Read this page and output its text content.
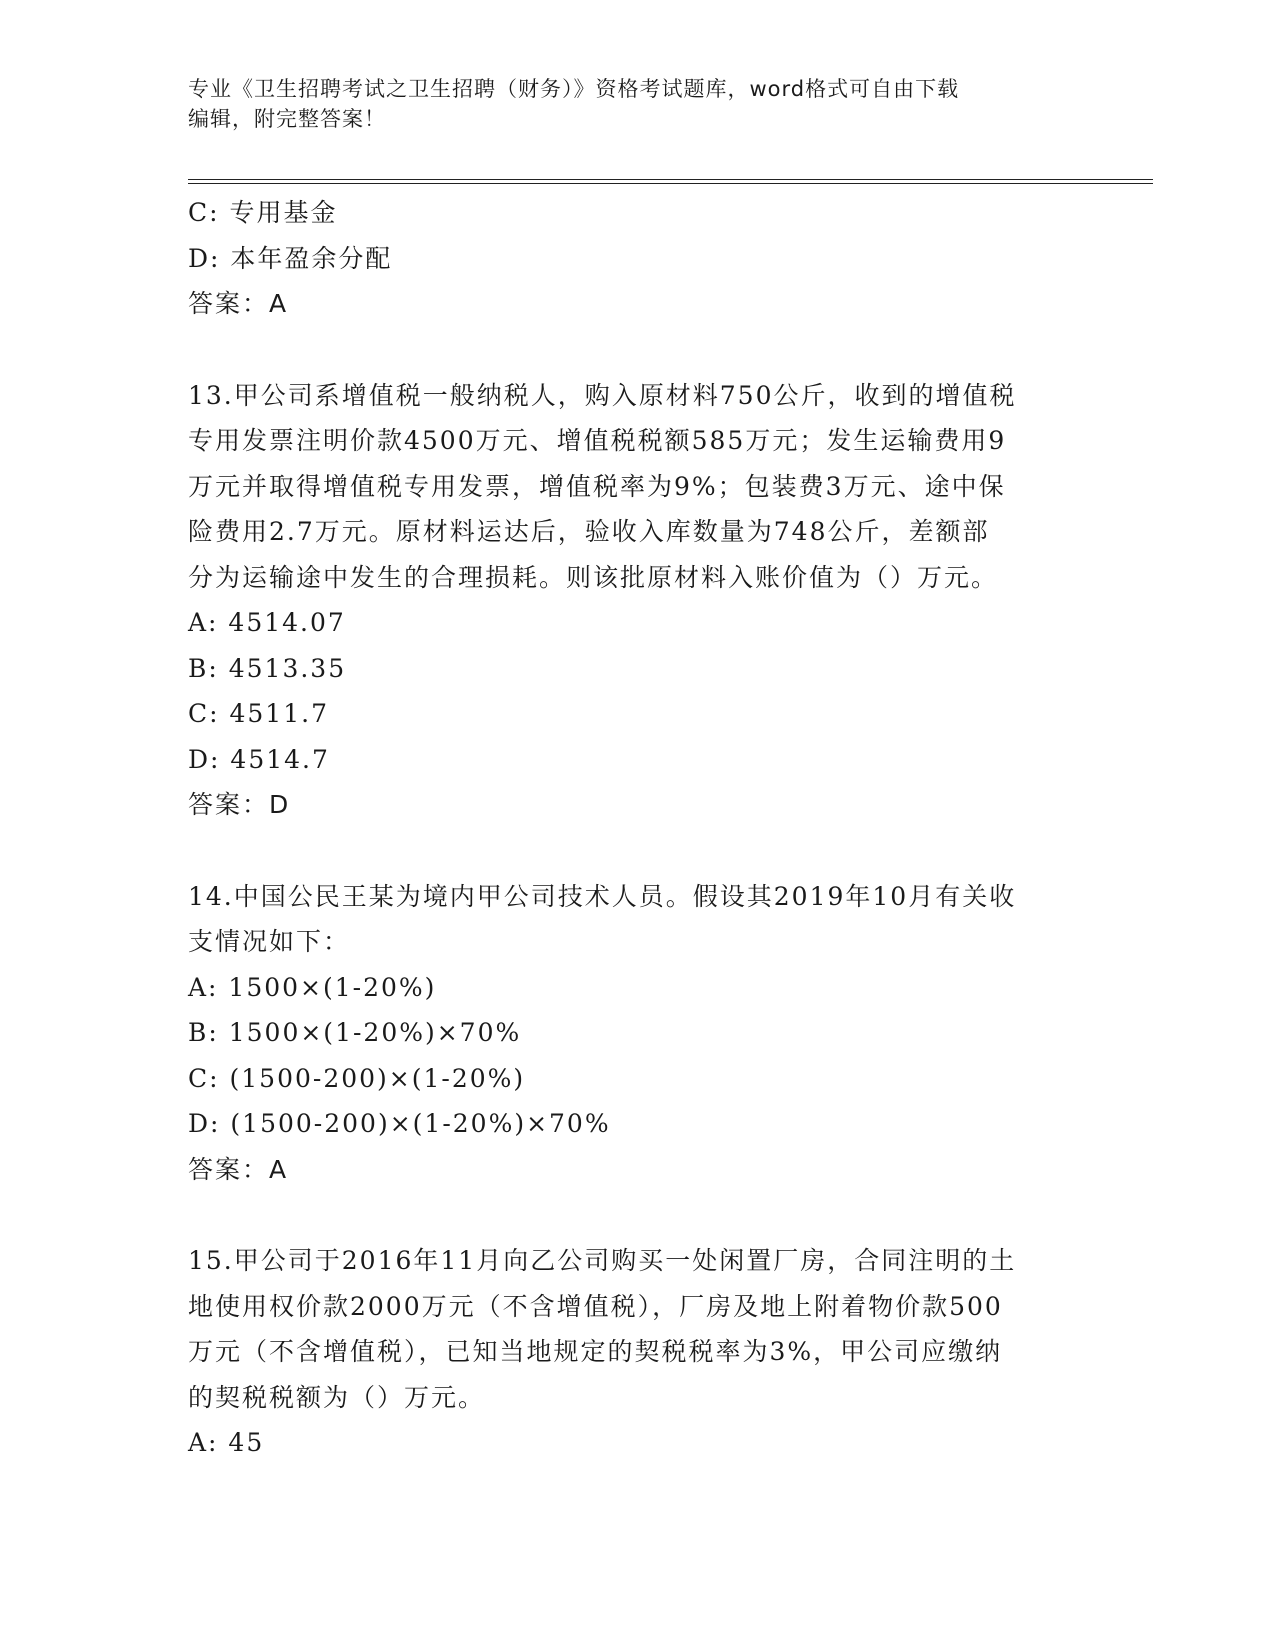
专业《卫生招聘考试之卫生招聘（财务）》资格考试题库，word格式可自由下载
编辑，附完整答案！
C: 专用基金
D: 本年盈余分配
答案：A
13.甲公司系增值税一般纳税人，购入原材料750公斤，收到的增值税
专用发票注明价款4500万元、增值税税额585万元；发生运输费用9
万元并取得增值税专用发票，增值税率为9%；包装费3万元、途中保
险费用2.7万元。原材料运达后，验收入库数量为748公斤，差额部
分为运输途中发生的合理损耗。则该批原材料入账价值为（）万元。
A: 4514.07
B: 4513.35
C: 4511.7
D: 4514.7
答案：D
14.中国公民王某为境内甲公司技术人员。假设其2019年10月有关收
支情况如下：
A: 1500×(1-20%)
B: 1500×(1-20%)×70%
C: (1500-200)×(1-20%)
D: (1500-200)×(1-20%)×70%
答案：A
15.甲公司于2016年11月向乙公司购买一处闲置厂房，合同注明的土
地使用权价款2000万元（不含增值税），厂房及地上附着物价款500
万元（不含增值税），已知当地规定的契税税率为3%，甲公司应缴纳
的契税税额为（）万元。
A: 45
